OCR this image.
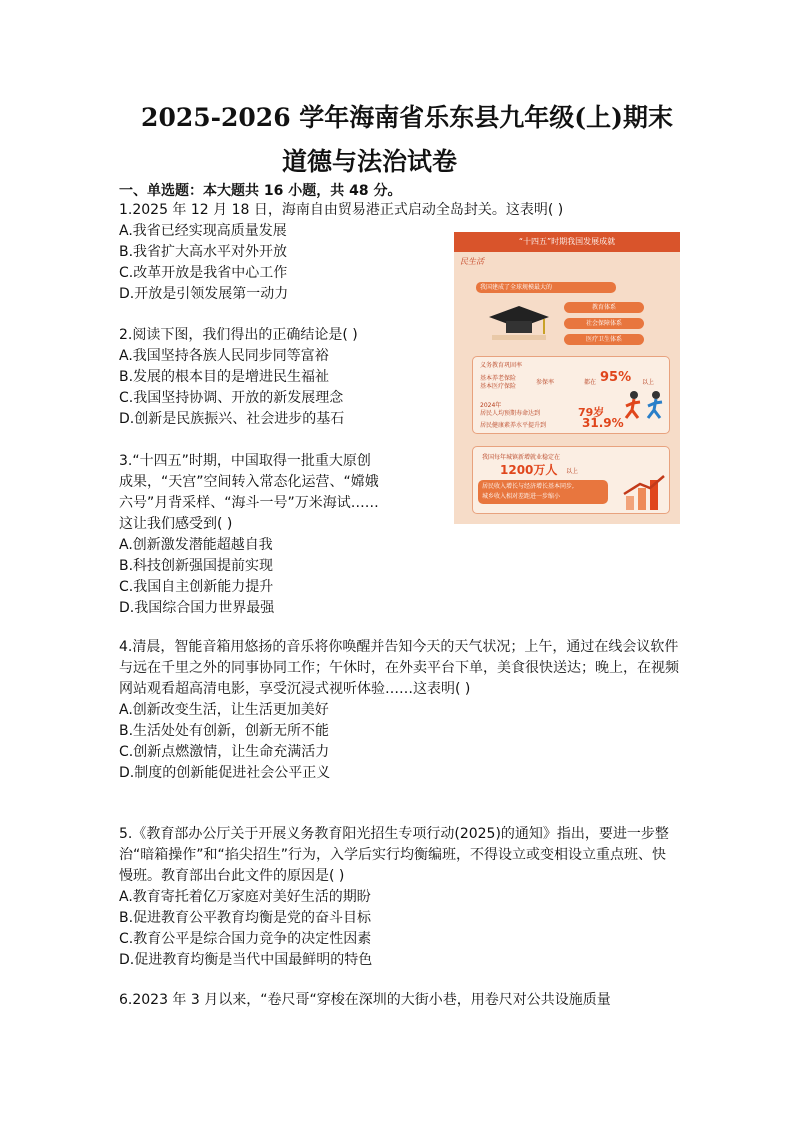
2025-2026 学年海南省乐东县九年级(上)期末
道德与法治试卷
一、单选题：本大题共 16 小题，共 48 分。

1.2025 年 12 月 18 日，海南自由贸易港正式启动全岛封关。这表明( )

A.我省已经实现高质量发展

B.我省扩大高水平对外开放

C.改革开放是我省中心工作

D.开放是引领发展第一动力

2.阅读下图，我们得出的正确结论是( )

A.我国坚持各族人民同步同等富裕

B.发展的根本目的是增进民生福祉

C.我国坚持协调、开放的新发展理念

D.创新是民族振兴、社会进步的基石

3.“十四五”时期，中国取得一批重大原创

成果，“天宫”空间转入常态化运营、“嫦娥

六号”月背采样、“海斗一号”万米海试……

这让我们感受到( )

A.创新激发潜能超越自我

B.科技创新强国提前实现

C.我国自主创新能力提升

D.我国综合国力世界最强

4.清晨，智能音箱用悠扬的音乐将你唤醒并告知今天的天气状况；上午，通过在线会议软件与远在千里之外的同事协同工作；午休时，在外卖平台下单，美食很快送达；晚上，在视频网站观看超高清电影，享受沉浸式视听体验……这表明( )

A.创新改变生活，让生活更加美好

B.生活处处有创新，创新无所不能

C.创新点燃激情，让生命充满活力

D.制度的创新能促进社会公平正义

5.《教育部办公厅关于开展义务教育阳光招生专项行动(2025)的通知》指出，要进一步整治“暗箱操作”和“掐尖招生”行为，入学后实行均衡编班，不得设立或变相设立重点班、快慢班。教育部出台此文件的原因是( )

A.教育寄托着亿万家庭对美好生活的期盼

B.促进教育公平教育均衡是党的奋斗目标

C.教育公平是综合国力竞争的决定性因素

D.促进教育均衡是当代中国最鲜明的特色

6.2023 年 3 月以来，“卷尺哥“穿梭在深圳的大街小巷，用卷尺对公共设施质量

“十四五”时期我国发展成就
民生活
我国建成了全球规模最大的
教育体系
社会保障体系
医疗卫生体系
义务教育巩固率
基本养老保险
基本医疗保险
参保率	都在 95% 以上
2024年
居民人均预期寿命达到	79岁
居民健康素养水平提升到	31.9%
我国每年城镇新增就业稳定在
1200万人 以上
居民收入增长与经济增长基本同步,
城乡收入相对差距进一步缩小
